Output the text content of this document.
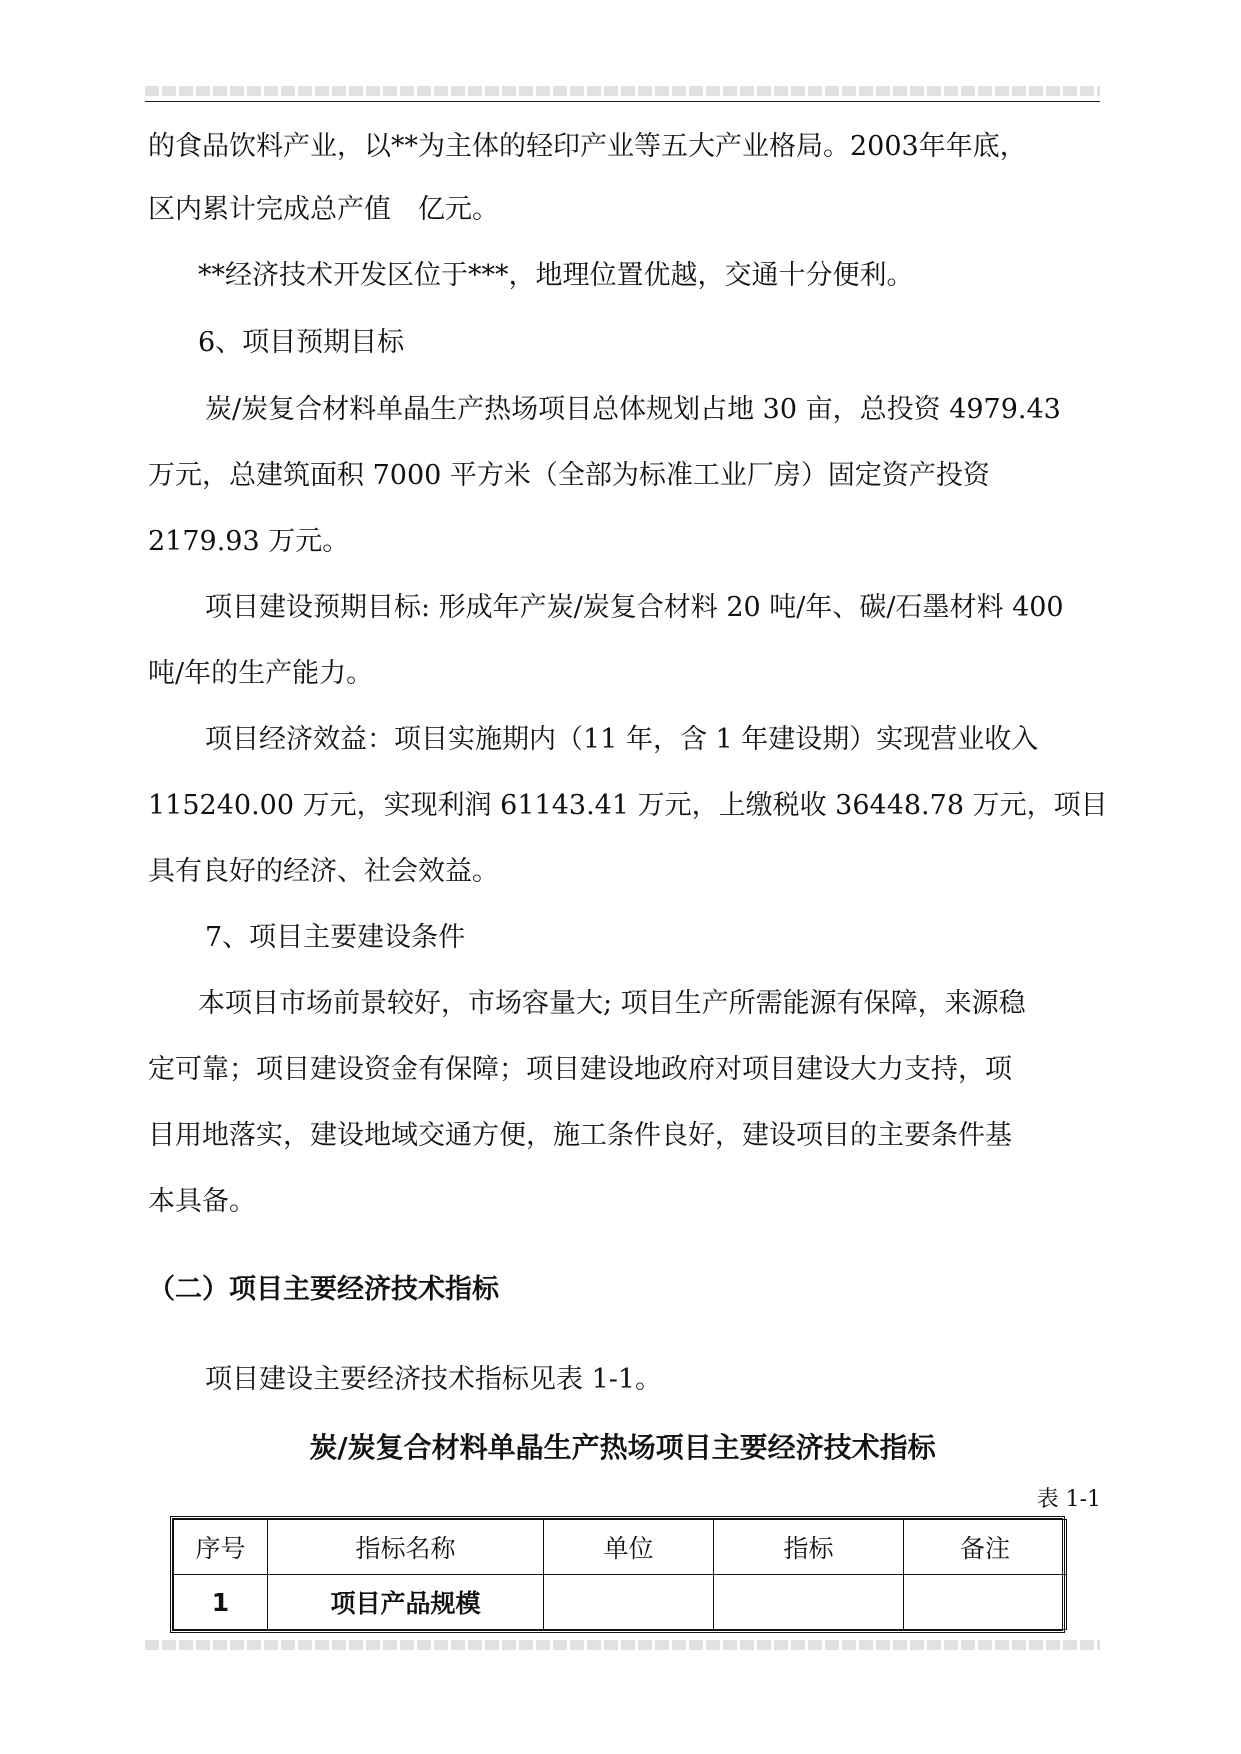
的食品饮料产业，以**为主体的轻印产业等五大产业格局。2003年年底，
区内累计完成总产值　亿元。
**经济技术开发区位于***，地理位置优越，交通十分便利。
6、项目预期目标
炭/炭复合材料单晶生产热场项目总体规划占地 30 亩，总投资 4979.43
万元，总建筑面积 7000 平方米（全部为标准工业厂房）固定资产投资
2179.93 万元。
项目建设预期目标: 形成年产炭/炭复合材料 20 吨/年、碳/石墨材料 400
吨/年的生产能力。
项目经济效益：项目实施期内（11 年，含 1 年建设期）实现营业收入
115240.00 万元，实现利润 61143.41 万元，上缴税收 36448.78 万元，项目
具有良好的经济、社会效益。
7、项目主要建设条件
本项目市场前景较好，市场容量大; 项目生产所需能源有保障，来源稳
定可靠；项目建设资金有保障；项目建设地政府对项目建设大力支持，项
目用地落实，建设地域交通方便，施工条件良好，建设项目的主要条件基
本具备。
（二）项目主要经济技术指标
项目建设主要经济技术指标见表 1-1。
炭/炭复合材料单晶生产热场项目主要经济技术指标
表 1-1
序号	指标名称	单位	指标	备注
1	项目产品规模			
